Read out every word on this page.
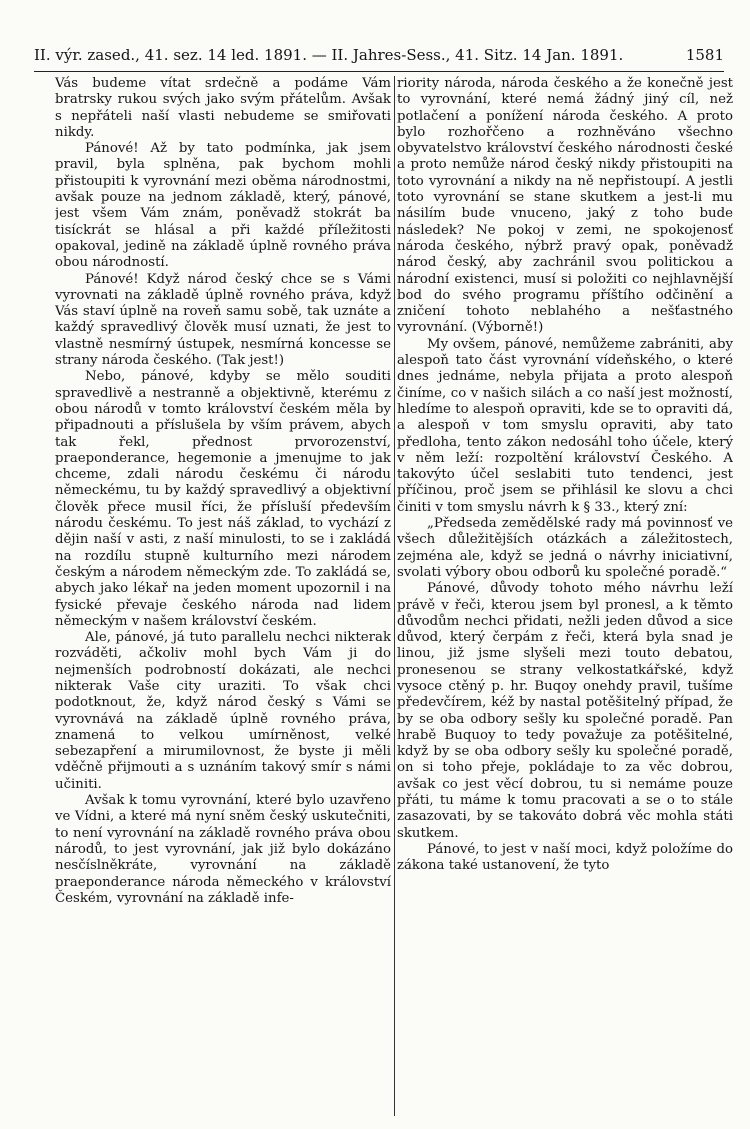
II. výr. zased., 41. sez. 14 led. 1891. — II. Jahres-Sess., 41. Sitz. 14 Jan. 1891.	1581

Vás budeme vítat srdečně a podáme Vám bratrsky rukou svých jako svým přátelům. Avšak s nepřáteli naší vlasti nebudeme se smiřovati nikdy.

Pánové! Až by tato podmínka, jak jsem pravil, byla splněna, pak bychom mohli přistoupiti k vyrovnání mezi oběma národnostmi, avšak pouze na jednom základě, který, pánové, jest všem Vám znám, poněvadž stokrát ba tisíckrát se hlásal a při každé příležitosti opakoval, jedině na základě úplně rovného práva obou národností.

Pánové! Když národ český chce se s Vámi vyrovnati na základě úplně rovného práva, když Vás staví úplně na roveň samu sobě, tak uznáte a každý spravedlivý člověk musí uznati, že jest to vlastně nesmírný ústupek, nesmírná koncesse se strany národa českého. (Tak jest!)

Nebo, pánové, kdyby se mělo souditi spravedlivě a nestranně a objektivně, kterému z obou národů v tomto království českém měla by připadnouti a příslušela by vším právem, abych tak řekl, přednost prvorozenství, praeponderance, hegemonie a jmenujme to jak chceme, zdali národu českému či národu německému, tu by každý spravedlivý a objektivní člověk přece musil říci, že přísluší především národu českému. To jest náš základ, to vychází z dějin naší v asti, z naší minulosti, to se i zakládá na rozdílu stupně kulturního mezi národem českým a národem německým zde. To zakládá se, abych jako lékař na jeden moment upozornil i na fysické převaje českého národa nad lidem německým v našem království českém.

Ale, pánové, já tuto parallelu nechci nikterak rozváděti, ačkoliv mohl bych Vám ji do nejmenších podrobností dokázati, ale nechci nikterak Vaše city uraziti. To však chci podotknout, že, když národ český s Vámi se vyrovnává na základě úplně rovného práva, znamená to velkou umírněnost, velké sebezapření a mirumilovnost, že byste ji měli vděčně přijmouti a s uznáním takový smír s námi učiniti.

Avšak k tomu vyrovnání, které bylo uzavřeno ve Vídni, a které má nyní sněm český uskutečniti, to není vyrovnání na základě rovného práva obou národů, to jest vyrovnání, jak již bylo dokázáno nesčíslněkráte, vyrovnání na základě praeponderance národa německého v království Českém, vyrovnání na základě infe-

riority národa, národa českého a že konečně jest to vyrovnání, které nemá žádný jiný cíl, než potlačení a ponížení národa českého. A proto bylo rozhořčeno a rozhněváno všechno obyvatelstvo království českého národnosti české a proto nemůže národ český nikdy přistoupiti na toto vyrovnání a nikdy na ně nepřistoupí. A jestli toto vyrovnání se stane skutkem a jest-li mu násilím bude vnuceno, jaký z toho bude následek? Ne pokoj v zemi, ne spokojenosť národa českého, nýbrž pravý opak, poněvadž národ český, aby zachránil svou politickou a národní existenci, musí si položiti co nejhlavnější bod do svého programu příštího odčinění a zničení tohoto neblahého a nešťastného vyrovnání. (Výborně!)

My ovšem, pánové, nemůžeme zabrániti, aby alespoň tato část vyrovnání vídeňského, o které dnes jednáme, nebyla přijata a proto alespoň činíme, co v našich silách a co naší jest možností, hledíme to alespoň opraviti, kde se to opraviti dá, a alespoň v tom smyslu opraviti, aby tato předloha, tento zákon nedosáhl toho účele, který v něm leží: rozpoltění království Českého. A takovýto účel seslabiti tuto tendenci, jest příčinou, proč jsem se přihlásil ke slovu a chci činiti v tom smyslu návrh k § 33., který zní:

„Předseda zemědělské rady má povinnosť ve všech důležitějších otázkách a záležitostech, zejména ale, když se jedná o návrhy iniciativní, svolati výbory obou odborů ku společné poradě.“

Pánové, důvody tohoto mého návrhu leží právě v řeči, kterou jsem byl pronesl, a k těmto důvodům nechci přidati, nežli jeden důvod a sice důvod, který čerpám z řeči, která byla snad je linou, již jsme slyšeli mezi touto debatou, pronesenou se strany velkostatkářské, když vysoce ctěný p. hr. Buqoy onehdy pravil, tušíme předevčírem, kéž by nastal potěšitelný případ, že by se oba odbory sešly ku společné poradě. Pan hrabě Buquoy to tedy považuje za potěšitelné, když by se oba odbory sešly ku společné poradě, on si toho přeje, pokládaje to za věc dobrou, avšak co jest věcí dobrou, tu si nemáme pouze přáti, tu máme k tomu pracovati a se o to stále zasazovati, by se takováto dobrá věc mohla státi skutkem.

Pánové, to jest v naší moci, když položíme do zákona také ustanovení, že tyto
